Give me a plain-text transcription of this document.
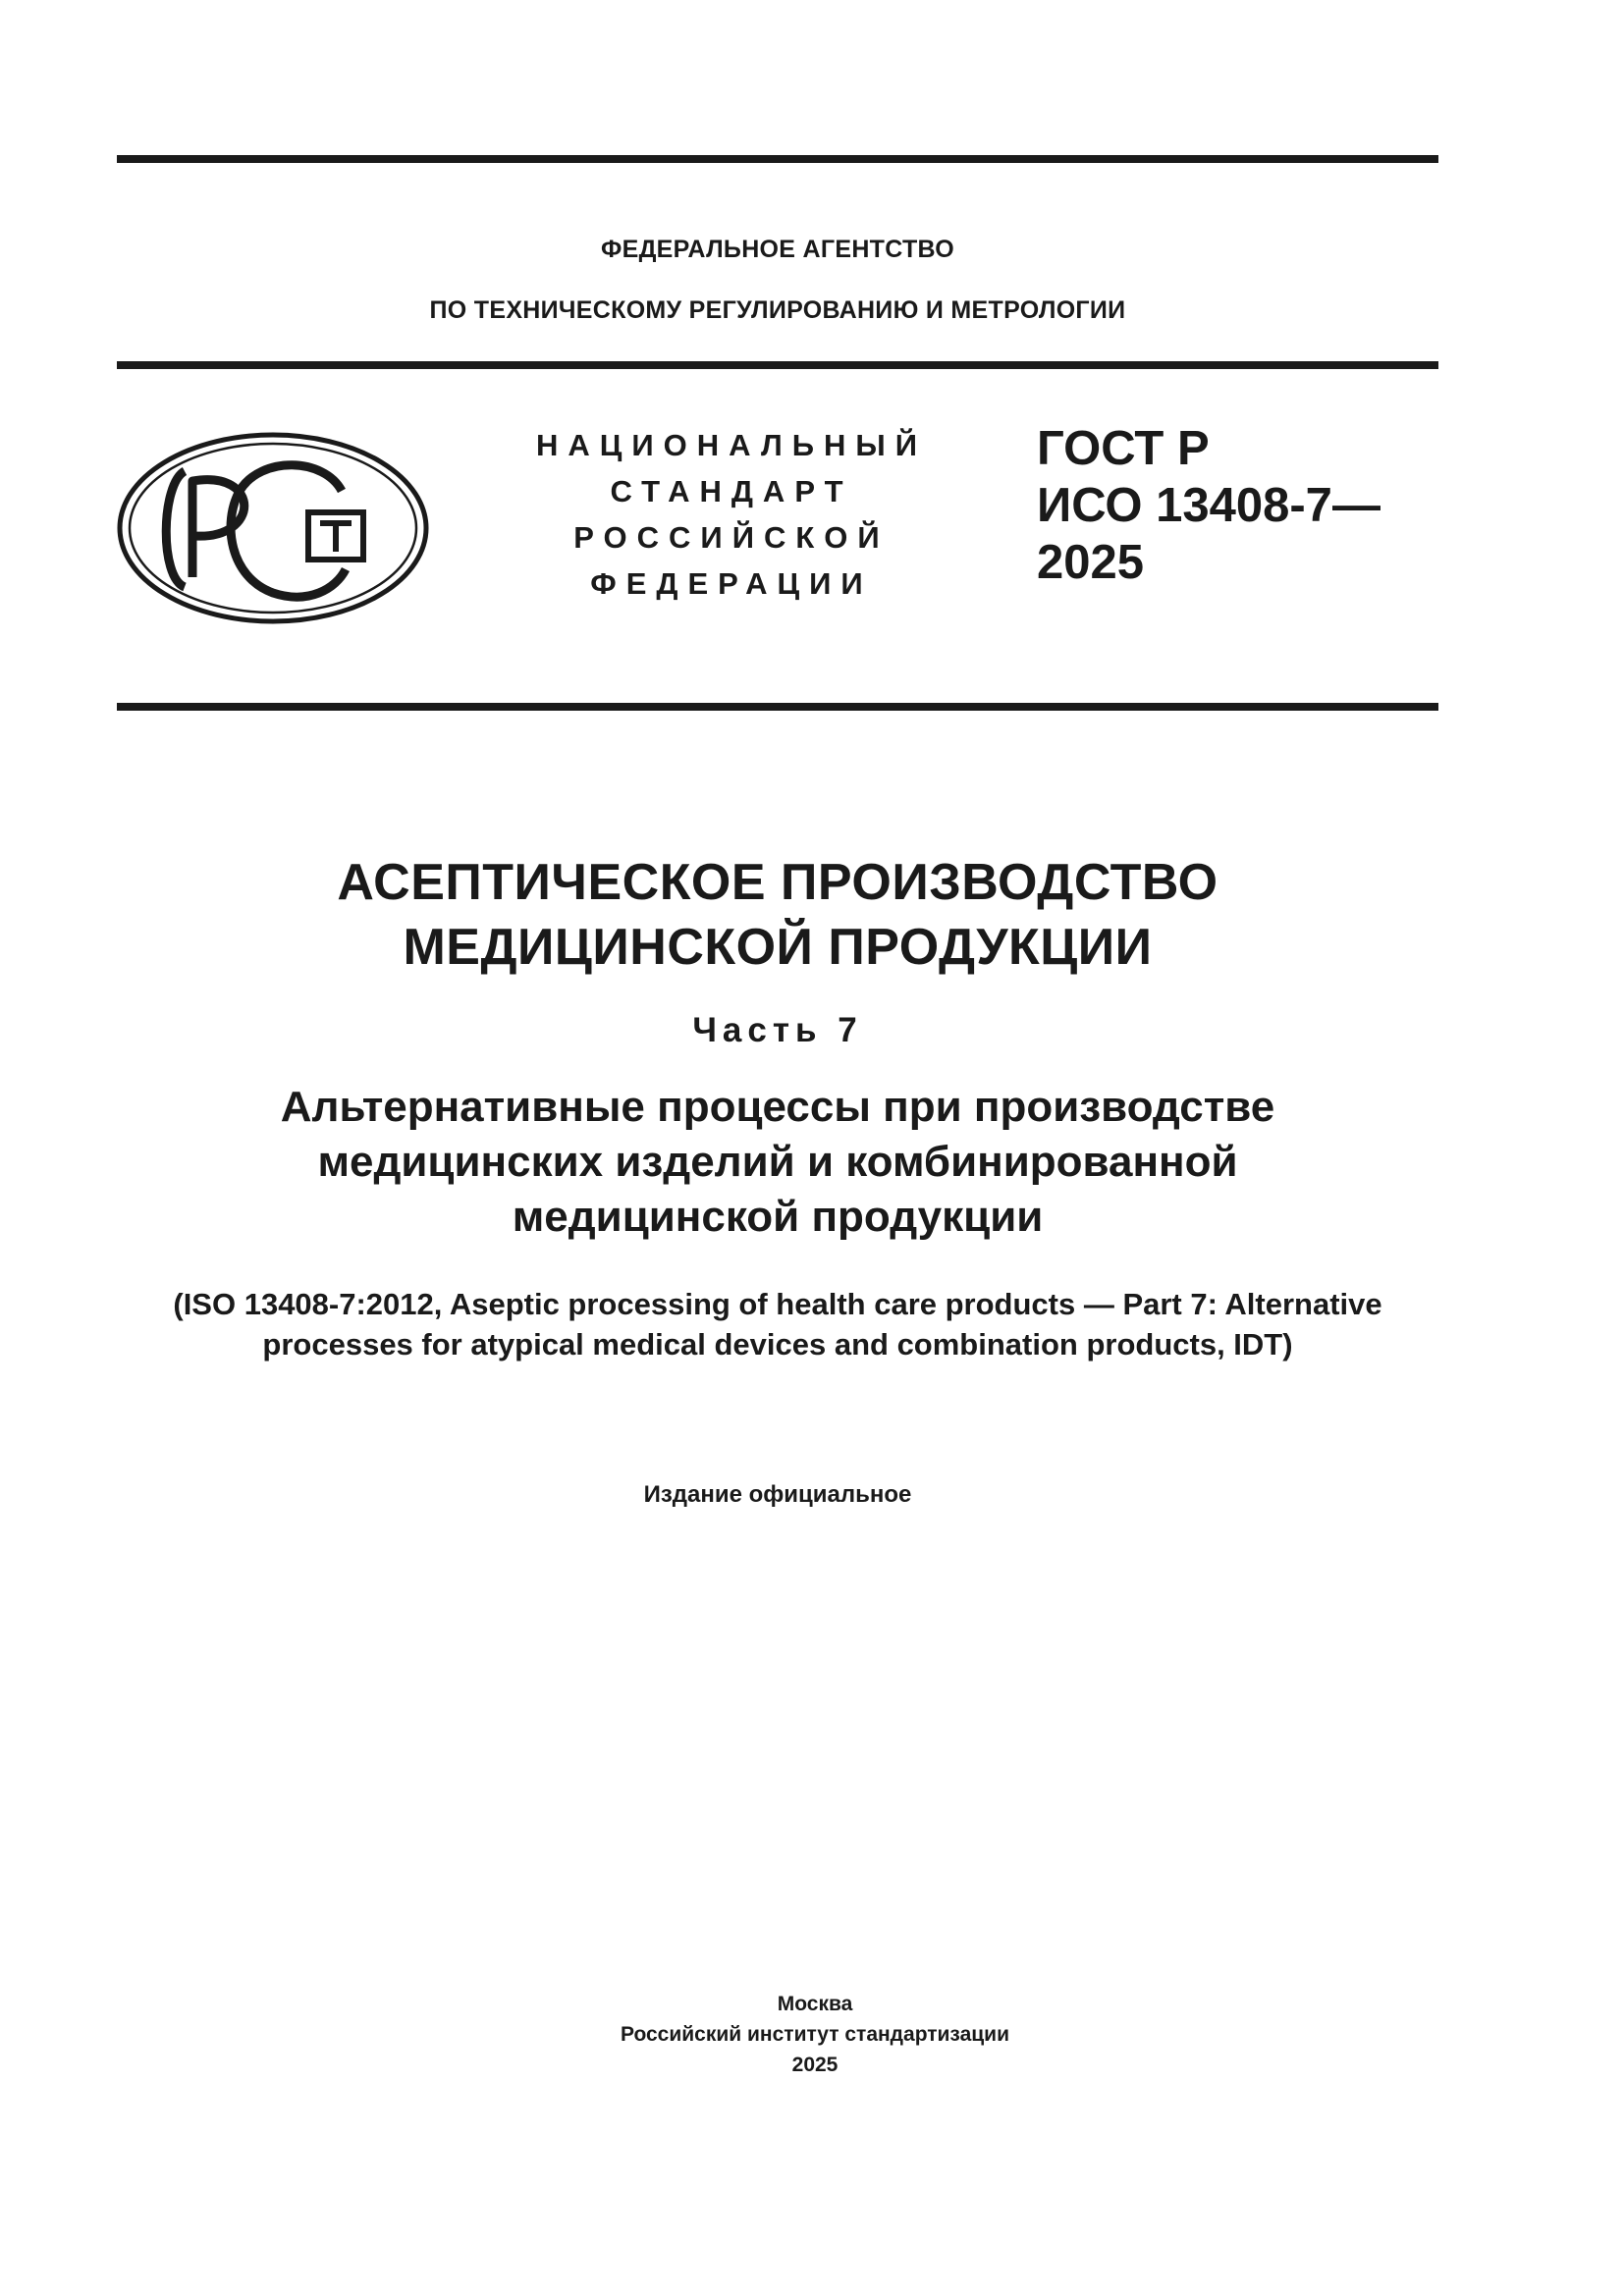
ФЕДЕРАЛЬНОЕ АГЕНТСТВО
ПО ТЕХНИЧЕСКОМУ РЕГУЛИРОВАНИЮ И МЕТРОЛОГИИ
НАЦИОНАЛЬНЫЙ
СТАНДАРТ
РОССИЙСКОЙ
ФЕДЕРАЦИИ
ГОСТ Р
ИСО 13408-7—
2025
АСЕПТИЧЕСКОЕ ПРОИЗВОДСТВО
МЕДИЦИНСКОЙ ПРОДУКЦИИ
Часть 7
Альтернативные процессы при производстве
медицинских изделий и комбинированной
медицинской продукции
(ISO 13408-7:2012, Aseptic processing of health care products — Part 7: Alternative
processes for atypical medical devices and combination products, IDT)
Издание официальное
Москва
Российский институт стандартизации
2025
